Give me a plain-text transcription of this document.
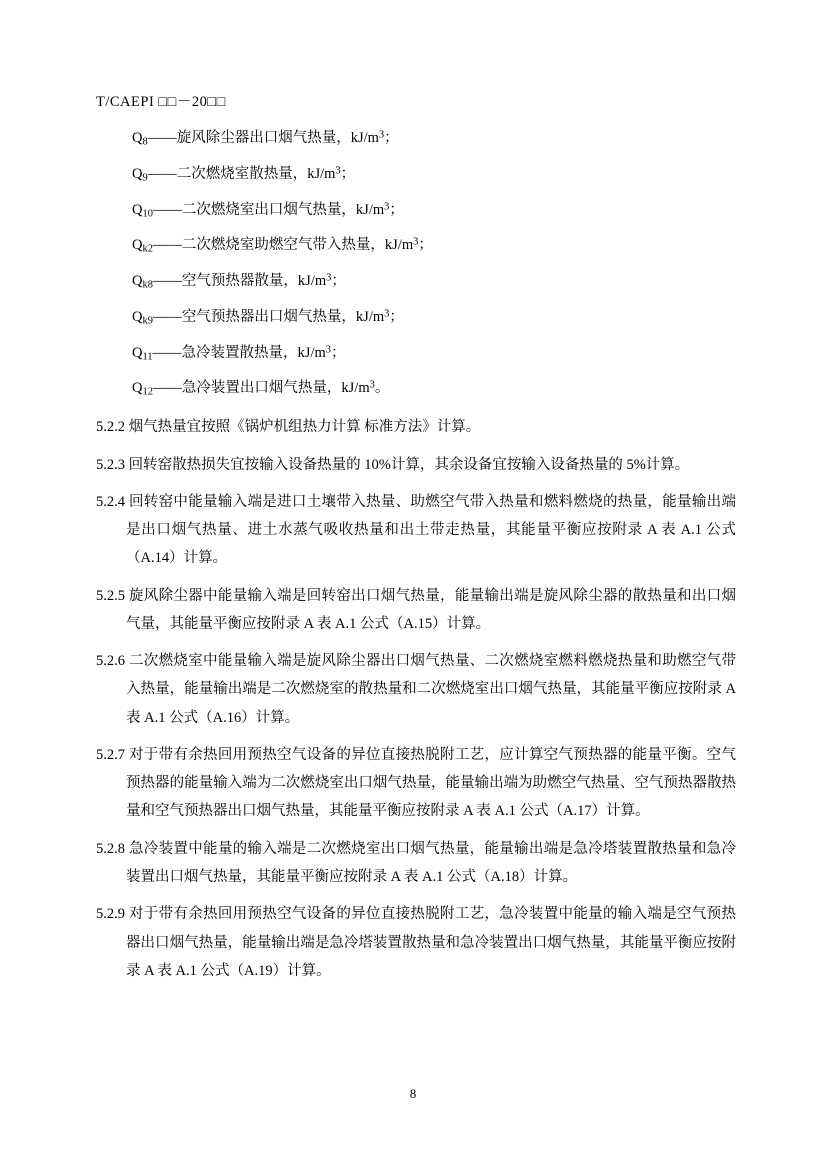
T/CAEPI □□－20□□
$Q_8——$旋风除尘器出口烟气热量，$kJ/m^3$；
$Q_9——$二次燃烧室散热量，$kJ/m^3$；
$Q_{10}——$二次燃烧室出口烟气热量，$kJ/m^3$；
$Q_{k2}——$二次燃烧室助燃空气带入热量，$kJ/m^3$；
$Q_{k8}——$空气预热器散量，$kJ/m^3$；
$Q_{k9}——$空气预热器出口烟气热量，$kJ/m^3$；
$Q_{11}——$急冷装置散热量，$kJ/m^3$；
$Q_{12}——$急冷装置出口烟气热量，$kJ/m^3$。

5.2.2 烟气热量宜按照《锅炉机组热力计算 标准方法》计算。

5.2.3 回转窑散热损失宜按输入设备热量的 10%计算，其余设备宜按输入设备热量的 5%计算。

5.2.4 回转窑中能量输入端是进口土壤带入热量、助燃空气带入热量和燃料燃烧的热量，能量输出端是出口烟气热量、进土水蒸气吸收热量和出土带走热量，其能量平衡应按附录 A 表 A.1 公式（A.14）计算。

5.2.5 旋风除尘器中能量输入端是回转窑出口烟气热量，能量输出端是旋风除尘器的散热量和出口烟气量，其能量平衡应按附录 A 表 A.1 公式（A.15）计算。

5.2.6 二次燃烧室中能量输入端是旋风除尘器出口烟气热量、二次燃烧室燃料燃烧热量和助燃空气带入热量，能量输出端是二次燃烧室的散热量和二次燃烧室出口烟气热量，其能量平衡应按附录 A 表 A.1 公式（A.16）计算。

5.2.7 对于带有余热回用预热空气设备的异位直接热脱附工艺，应计算空气预热器的能量平衡。空气预热器的能量输入端为二次燃烧室出口烟气热量，能量输出端为助燃空气热量、空气预热器散热量和空气预热器出口烟气热量，其能量平衡应按附录 A 表 A.1 公式（A.17）计算。

5.2.8 急冷装置中能量的输入端是二次燃烧室出口烟气热量，能量输出端是急冷塔装置散热量和急冷装置出口烟气热量，其能量平衡应按附录 A 表 A.1 公式（A.18）计算。

5.2.9 对于带有余热回用预热空气设备的异位直接热脱附工艺，急冷装置中能量的输入端是空气预热器出口烟气热量，能量输出端是急冷塔装置散热量和急冷装置出口烟气热量，其能量平衡应按附录 A 表 A.1 公式（A.19）计算。

8
